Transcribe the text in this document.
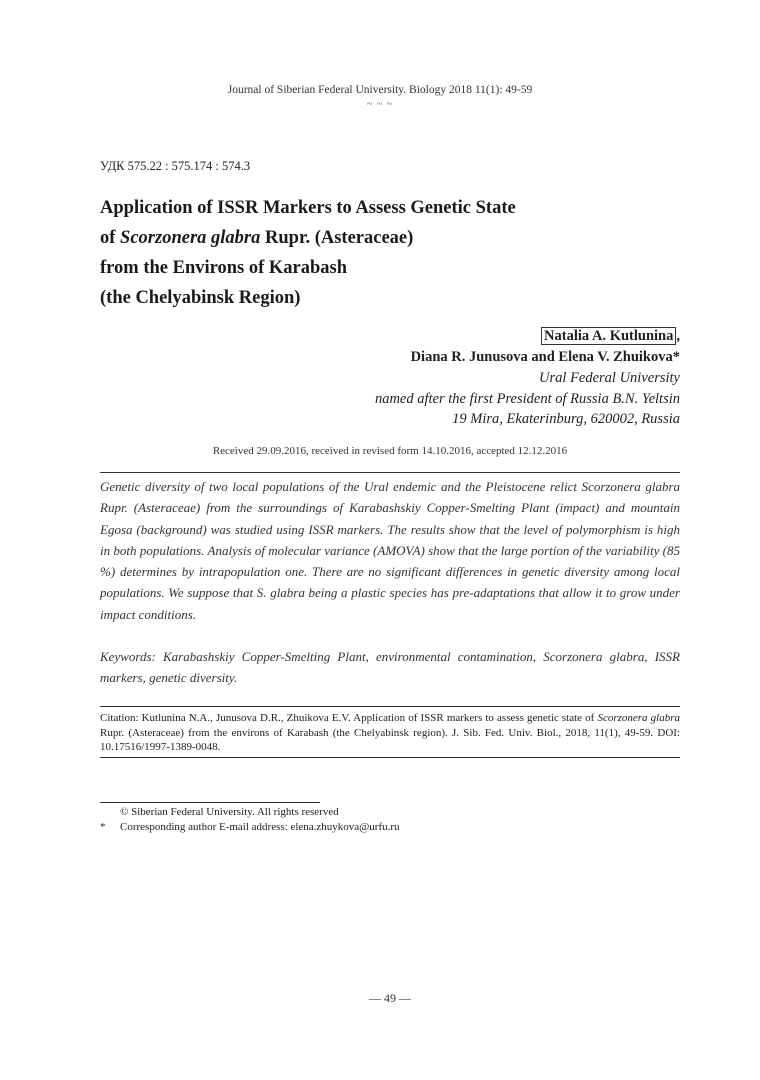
Journal of Siberian Federal University. Biology 2018 11(1): 49-59
~ ~ ~
УДК 575.22 : 575.174 : 574.3
Application of ISSR Markers to Assess Genetic State
of Scorzonera glabra Rupr. (Asteraceae)
from the Environs of Karabash
(the Chelyabinsk Region)
Natalia A. Kutlunina ,
Diana R. Junusova and Elena V. Zhuikova*
Ural Federal University
named after the first President of Russia B.N. Yeltsin
19 Mira, Ekaterinburg, 620002, Russia
Received 29.09.2016, received in revised form 14.10.2016, accepted 12.12.2016
Genetic diversity of two local populations of the Ural endemic and the Pleistocene relict Scorzonera glabra Rupr. (Asteraceae) from the surroundings of Karabashskiy Copper-Smelting Plant (impact) and mountain Egosa (background) was studied using ISSR markers. The results show that the level of polymorphism is high in both populations. Analysis of molecular variance (AMOVA) show that the large portion of the variability (85 %) determines by intrapopulation one. There are no significant differences in genetic diversity among local populations. We suppose that S. glabra being a plastic species has pre-adaptations that allow it to grow under impact conditions.
Keywords: Karabashskiy Copper-Smelting Plant, environmental contamination, Scorzonera glabra, ISSR markers, genetic diversity.
Citation: Kutlunina N.A., Junusova D.R., Zhuikova E.V. Application of ISSR markers to assess genetic state of Scorzonera glabra Rupr. (Asteraceae) from the environs of Karabash (the Chelyabinsk region). J. Sib. Fed. Univ. Biol., 2018, 11(1), 49-59. DOI: 10.17516/1997-1389-0048.
© Siberian Federal University. All rights reserved
* Corresponding author E-mail address: elena.zhuykova@urfu.ru
— 49 —
